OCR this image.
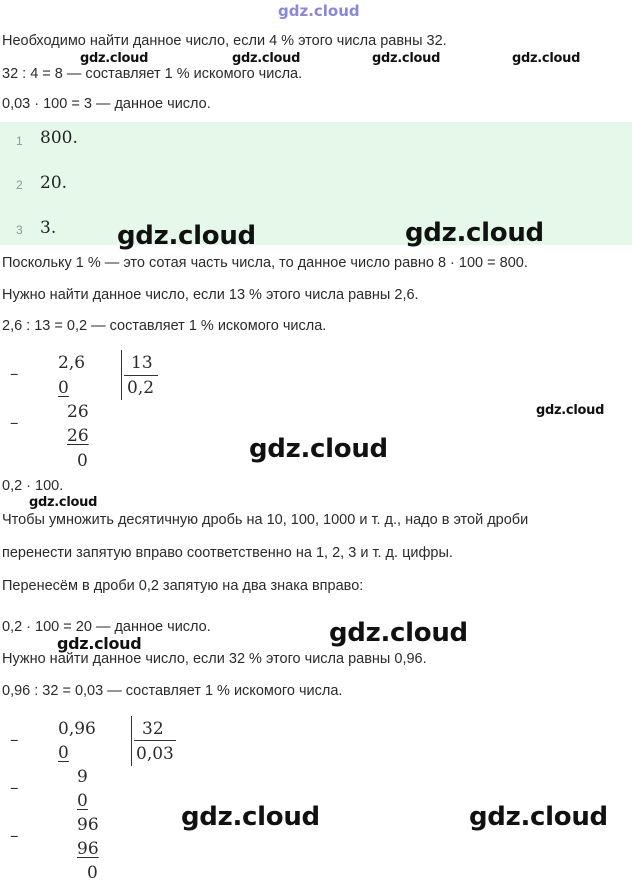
gdz.cloud
Необходимо найти данное число, если 4 % этого числа равны 32.
gdz.cloud	gdz.cloud	gdz.cloud	gdz.cloud
32 : 4 = 8 — составляет 1 % искомого числа.
0,03 · 100 = 3 — данное число.
1 800.
2 20.
3 3. gdz.cloud	gdz.cloud
Поскольку 1 % — это сотая часть числа, то данное число равно 8 · 100 = 800.
Нужно найти данное число, если 13 % этого числа равны 2,6.
2,6 : 13 = 0,2 — составляет 1 % искомого числа.
–
2,6	13
0,2
0
–
26
26
0
gdz.cloud
gdz.cloud
0,2 · 100.
gdz.cloud
Чтобы умножить десятичную дробь на 10, 100, 1000 и т. д., надо в этой дроби
перенести запятую вправо соответственно на 1, 2, 3 и т. д. цифры.
Перенесём в дроби 0,2 запятую на два знака вправо:
0,2 · 100 = 20 — данное число.
gdz.cloud	gdz.cloud
Нужно найти данное число, если 32 % этого числа равны 0,96.
0,96 : 32 = 0,03 — составляет 1 % искомого числа.
–
0,96	32
0,03
0
–
9
0
–
96
96
0
gdz.cloud	gdz.cloud
